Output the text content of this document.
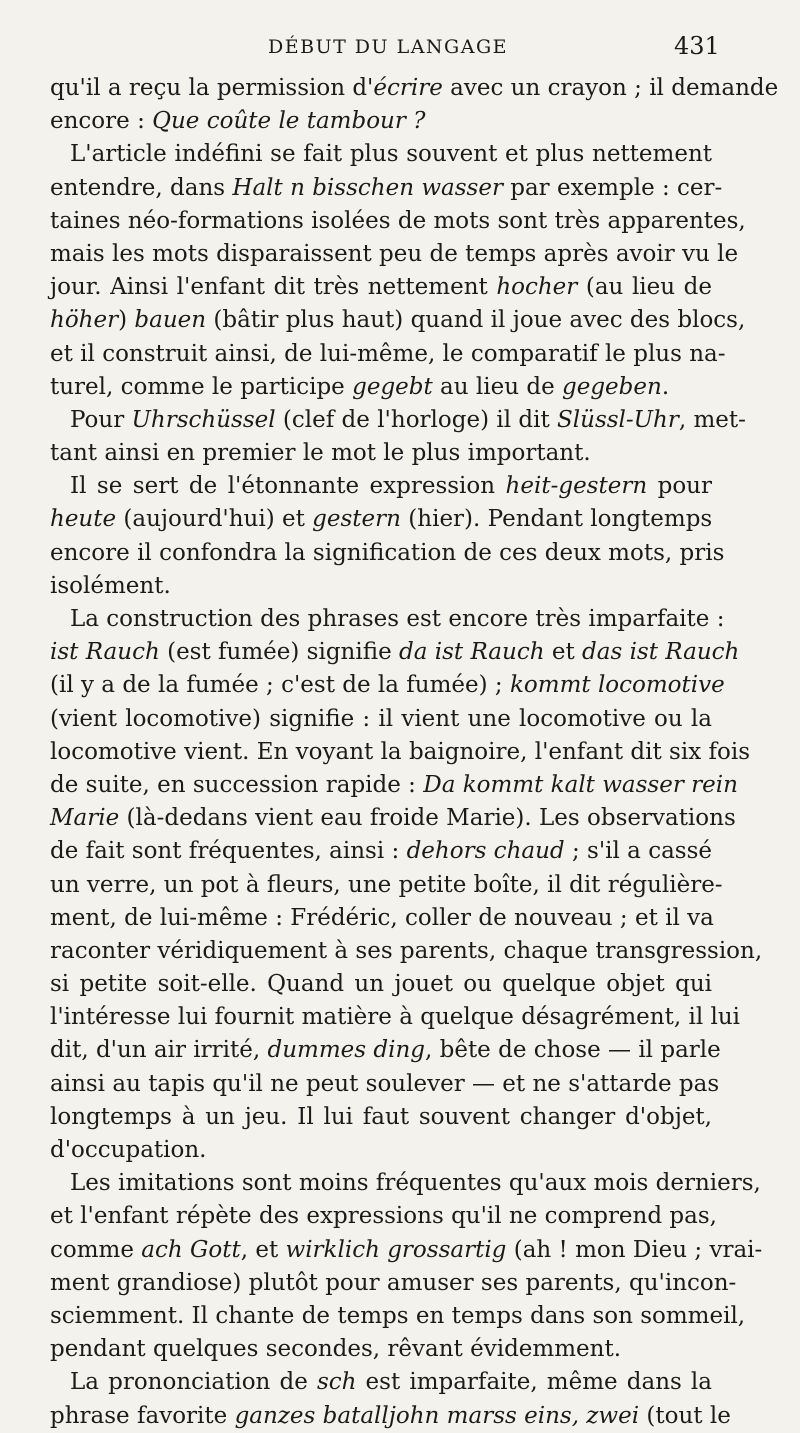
DÉBUT DU LANGAGE	431
qu'il a reçu la permission d'écrire avec un crayon ; il demande
encore : Que coûte le tambour ?
L'article indéfini se fait plus souvent et plus nettement
entendre, dans Halt n bisschen wasser par exemple : cer-
taines néo-formations isolées de mots sont très apparentes,
mais les mots disparaissent peu de temps après avoir vu le
jour. Ainsi l'enfant dit très nettement hocher (au lieu de
höher) bauen (bâtir plus haut) quand il joue avec des blocs,
et il construit ainsi, de lui-même, le comparatif le plus na-
turel, comme le participe gegebt au lieu de gegeben.
Pour Uhrschüssel (clef de l'horloge) il dit Slüssl-Uhr, met-
tant ainsi en premier le mot le plus important.
Il se sert de l'étonnante expression heit-gestern pour
heute (aujourd'hui) et gestern (hier). Pendant longtemps
encore il confondra la signification de ces deux mots, pris
isolément.
La construction des phrases est encore très imparfaite :
ist Rauch (est fumée) signifie da ist Rauch et das ist Rauch
(il y a de la fumée ; c'est de la fumée) ; kommt locomotive
(vient locomotive) signifie : il vient une locomotive ou la
locomotive vient. En voyant la baignoire, l'enfant dit six fois
de suite, en succession rapide : Da kommt kalt wasser rein
Marie (là-dedans vient eau froide Marie). Les observations
de fait sont fréquentes, ainsi : dehors chaud ; s'il a cassé
un verre, un pot à fleurs, une petite boîte, il dit régulière-
ment, de lui-même : Frédéric, coller de nouveau ; et il va
raconter véridiquement à ses parents, chaque transgression,
si petite soit-elle. Quand un jouet ou quelque objet qui
l'intéresse lui fournit matière à quelque désagrément, il lui
dit, d'un air irrité, dummes ding, bête de chose — il parle
ainsi au tapis qu'il ne peut soulever — et ne s'attarde pas
longtemps à un jeu. Il lui faut souvent changer d'objet,
d'occupation.
Les imitations sont moins fréquentes qu'aux mois derniers,
et l'enfant répète des expressions qu'il ne comprend pas,
comme ach Gott, et wirklich grossartig (ah ! mon Dieu ; vrai-
ment grandiose) plutôt pour amuser ses parents, qu'incon-
sciemment. Il chante de temps en temps dans son sommeil,
pendant quelques secondes, rêvant évidemment.
La prononciation de sch est imparfaite, même dans la
phrase favorite ganzes batalljohn marss eins, zwei (tout le
